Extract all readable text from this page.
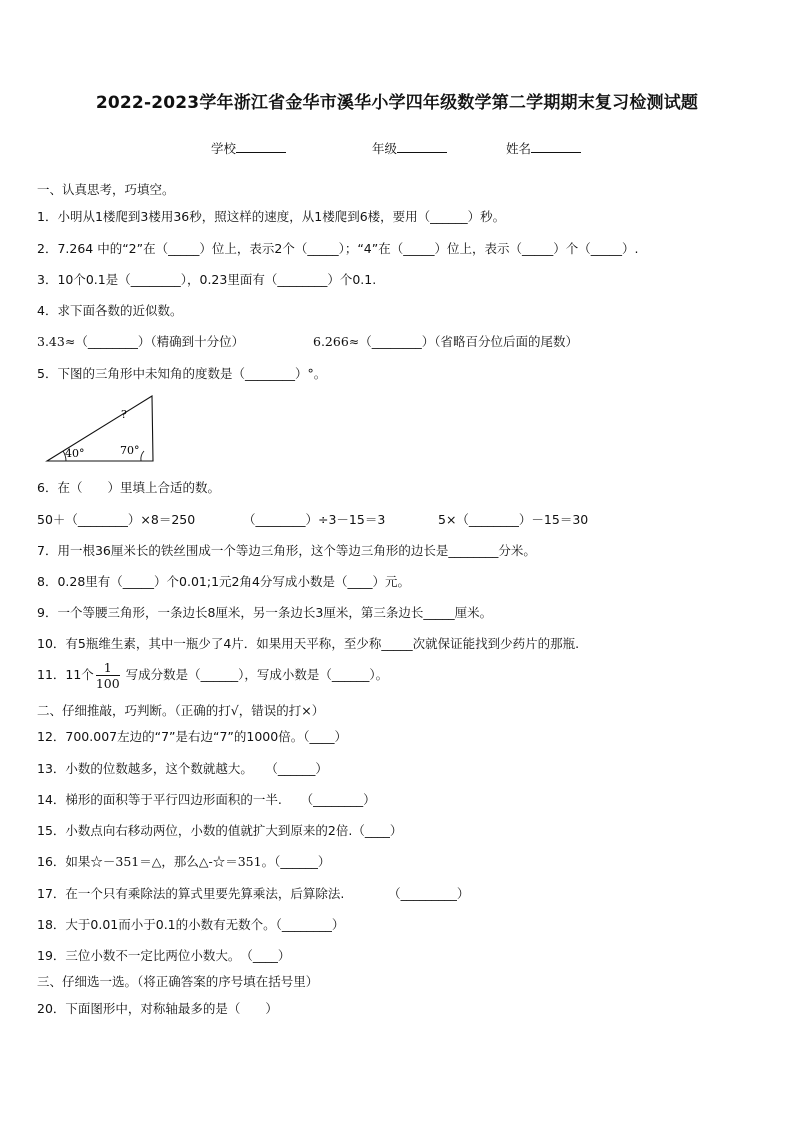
2022-2023学年浙江省金华市溪华小学四年级数学第二学期期末复习检测试题
学校	年级	姓名
一、认真思考，巧填空。
1．小明从1楼爬到3楼用36秒，照这样的速度，从1楼爬到6楼，要用（______）秒。
2．7.264 中的“2”在（_____）位上，表示2个（_____）；“4”在（_____）位上，表示（_____）个（_____）.
3．10个0.1是（________），0.23里面有（________）个0.1.
4．求下面各数的近似数。
3.43≈（________）（精确到十分位）	6.266≈（________）（省略百分位后面的尾数）
5．下图的三角形中未知角的度数是（________）°。
?
40°	70°
6．在（　　）里填上合适的数。
50＋（________）×8＝250	（________）÷3－15＝3	5×（________）－15＝30
7．用一根36厘米长的铁丝围成一个等边三角形，这个等边三角形的边长是________分米。
8．0.28里有（_____）个0.01;1元2角4分写成小数是（____）元。
9．一个等腰三角形，一条边长8厘米，另一条边长3厘米，第三条边长_____厘米。
10．有5瓶维生素，其中一瓶少了4片．如果用天平称，至少称_____次就保证能找到少药片的那瓶.
11．11个 $\frac{1}{100}$ 写成分数是（______），写成小数是（______）。
二、仔细推敲，巧判断。（正确的打√，错误的打×）
12．700.007左边的“7”是右边“7”的1000倍。（____）
13．小数的位数越多，这个数就越大。　　（______）
14．梯形的面积等于平行四边形面积的一半.　　（________）
15．小数点向右移动两位，小数的值就扩大到原来的2倍.（____）
16．如果☆－351＝△，那么△-☆＝351。（______）
17．在一个只有乘除法的算式里要先算乘法，后算除法.　　　　（_________）
18．大于0.01而小于0.1的小数有无数个。（________）
19．三位小数不一定比两位小数大。　（____）
三、仔细选一选。（将正确答案的序号填在括号里）
20．下面图形中，对称轴最多的是（　　）
